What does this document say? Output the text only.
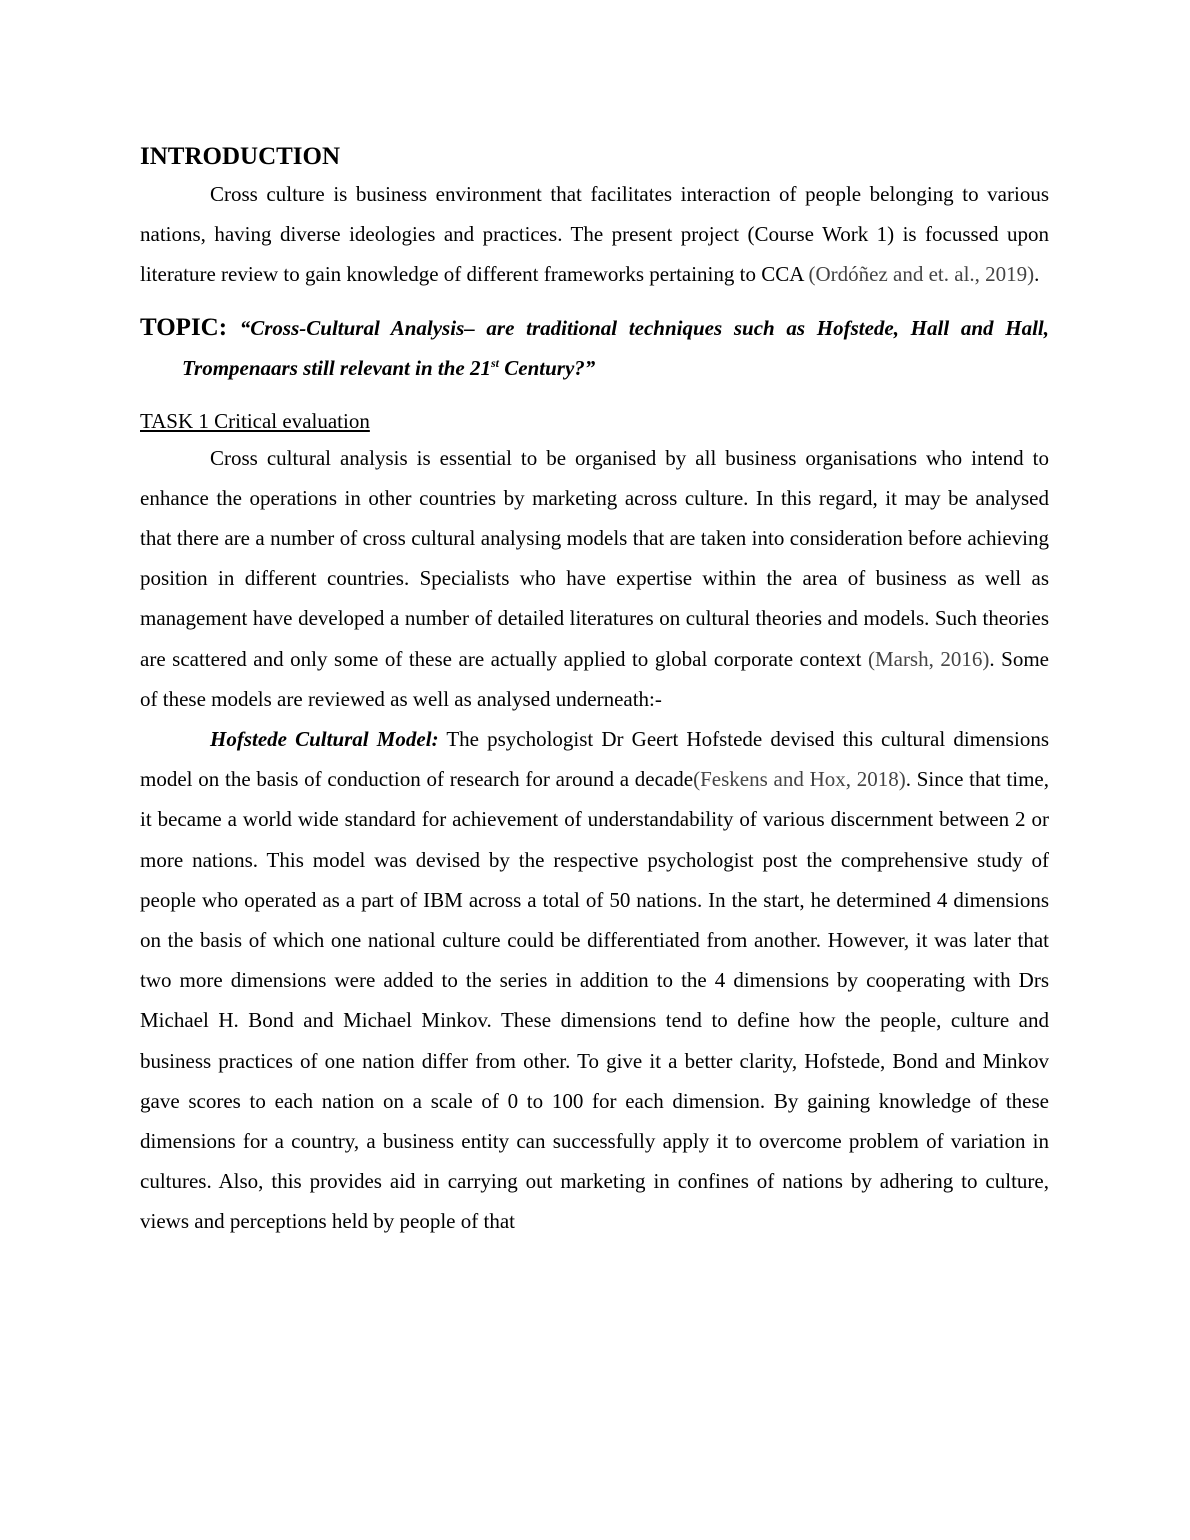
INTRODUCTION

Cross culture is business environment that facilitates interaction of people belonging to various nations, having diverse ideologies and practices. The present project (Course Work 1) is focussed upon literature review to gain knowledge of different frameworks pertaining to CCA (Ordóñez and et. al., 2019).

TOPIC: “Cross-Cultural Analysis– are traditional techniques such as Hofstede, Hall and Hall, Trompenaars still relevant in the 21st Century?”

TASK 1 Critical evaluation

Cross cultural analysis is essential to be organised by all business organisations who intend to enhance the operations in other countries by marketing across culture. In this regard, it may be analysed that there are a number of cross cultural analysing models that are taken into consideration before achieving position in different countries. Specialists who have expertise within the area of business as well as management have developed a number of detailed literatures on cultural theories and models. Such theories are scattered and only some of these are actually applied to global corporate context (Marsh, 2016). Some of these models are reviewed as well as analysed underneath:-

Hofstede Cultural Model: The psychologist Dr Geert Hofstede devised this cultural dimensions model on the basis of conduction of research for around a decade(Feskens and Hox, 2018). Since that time, it became a world wide standard for achievement of understandability of various discernment between 2 or more nations. This model was devised by the respective psychologist post the comprehensive study of people who operated as a part of IBM across a total of 50 nations. In the start, he determined 4 dimensions on the basis of which one national culture could be differentiated from another. However, it was later that two more dimensions were added to the series in addition to the 4 dimensions by cooperating with Drs Michael H. Bond and Michael Minkov. These dimensions tend to define how the people, culture and business practices of one nation differ from other. To give it a better clarity, Hofstede, Bond and Minkov gave scores to each nation on a scale of 0 to 100 for each dimension. By gaining knowledge of these dimensions for a country, a business entity can successfully apply it to overcome problem of variation in cultures. Also, this provides aid in carrying out marketing in confines of nations by adhering to culture, views and perceptions held by people of that
